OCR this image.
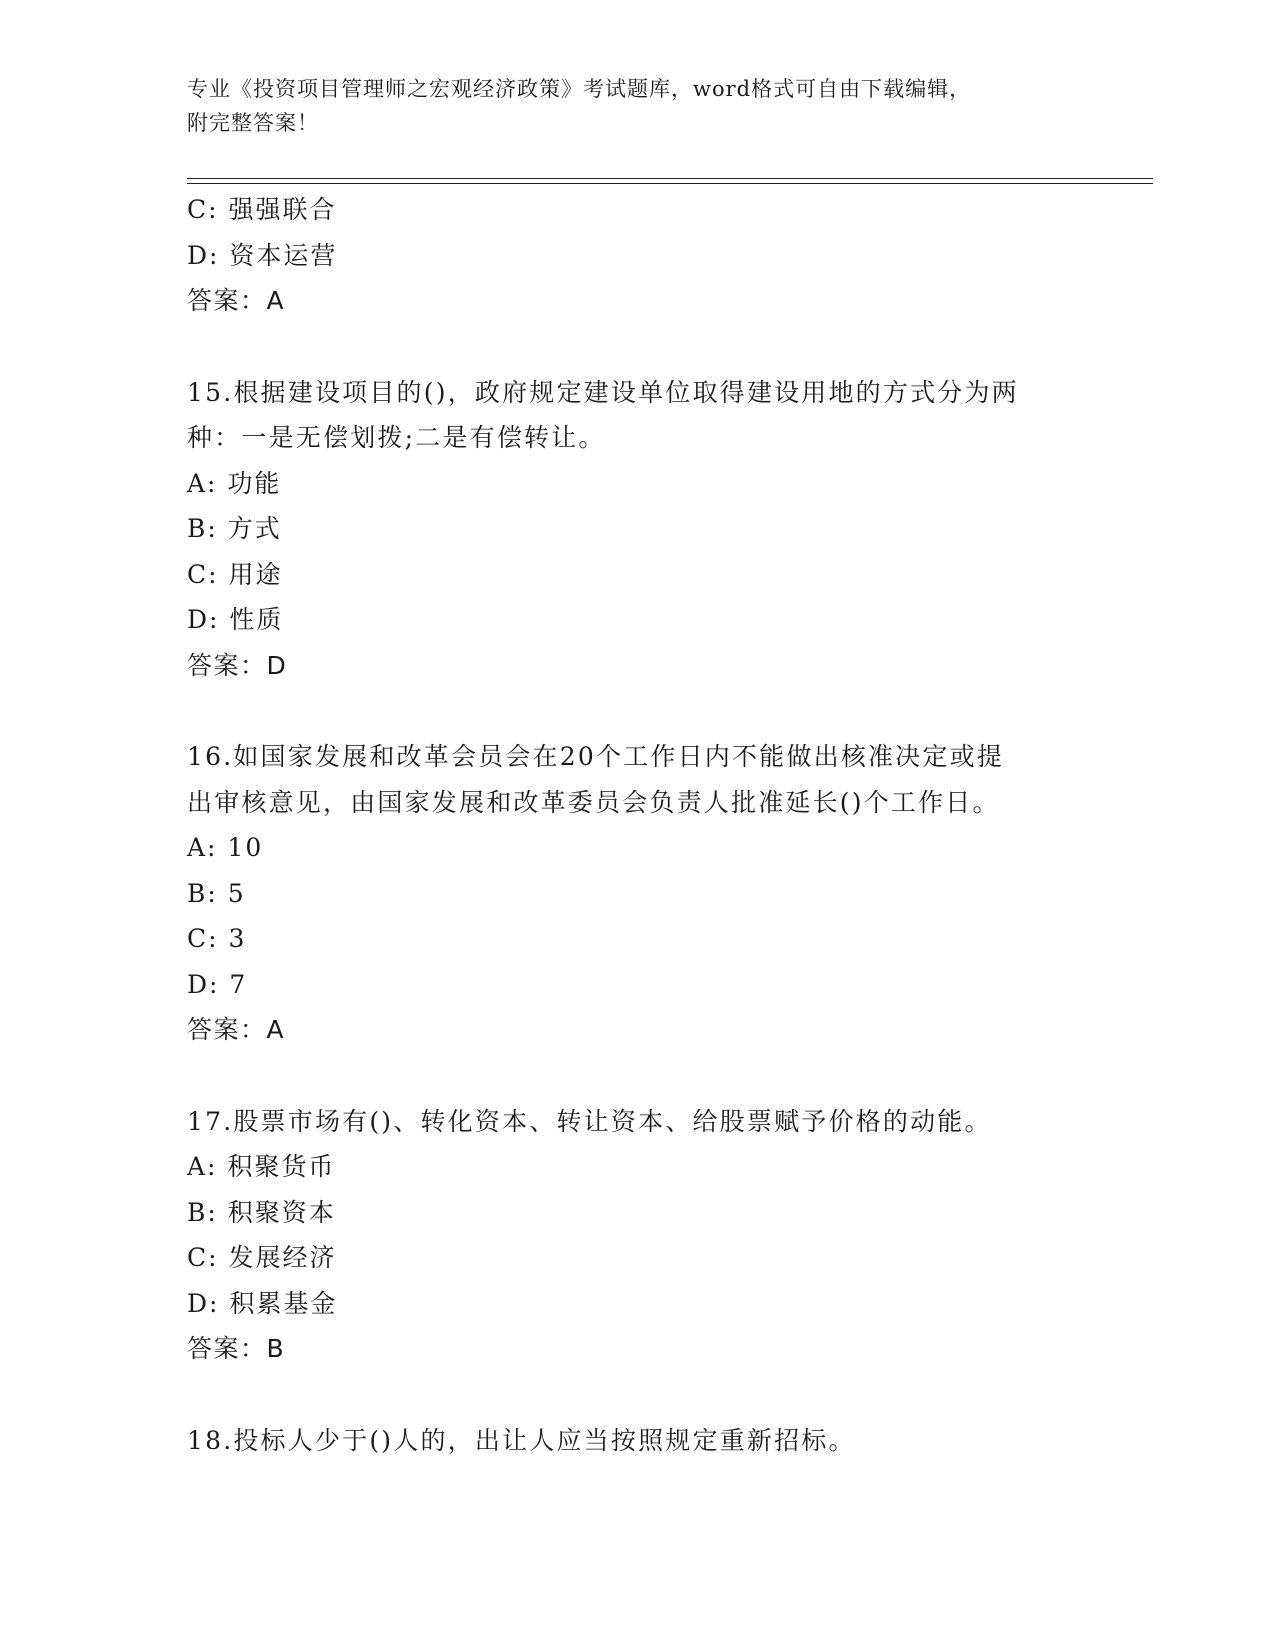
专业《投资项目管理师之宏观经济政策》考试题库，word格式可自由下载编辑，
附完整答案！
C: 强强联合
D: 资本运营
答案：A
15.根据建设项目的()，政府规定建设单位取得建设用地的方式分为两
种：一是无偿划拨;二是有偿转让。
A: 功能
B: 方式
C: 用途
D: 性质
答案：D
16.如国家发展和改革会员会在20个工作日内不能做出核准决定或提
出审核意见，由国家发展和改革委员会负责人批准延长()个工作日。
A: 10
B: 5
C: 3
D: 7
答案：A
17.股票市场有()、转化资本、转让资本、给股票赋予价格的动能。
A: 积聚货币
B: 积聚资本
C: 发展经济
D: 积累基金
答案：B
18.投标人少于()人的，出让人应当按照规定重新招标。
